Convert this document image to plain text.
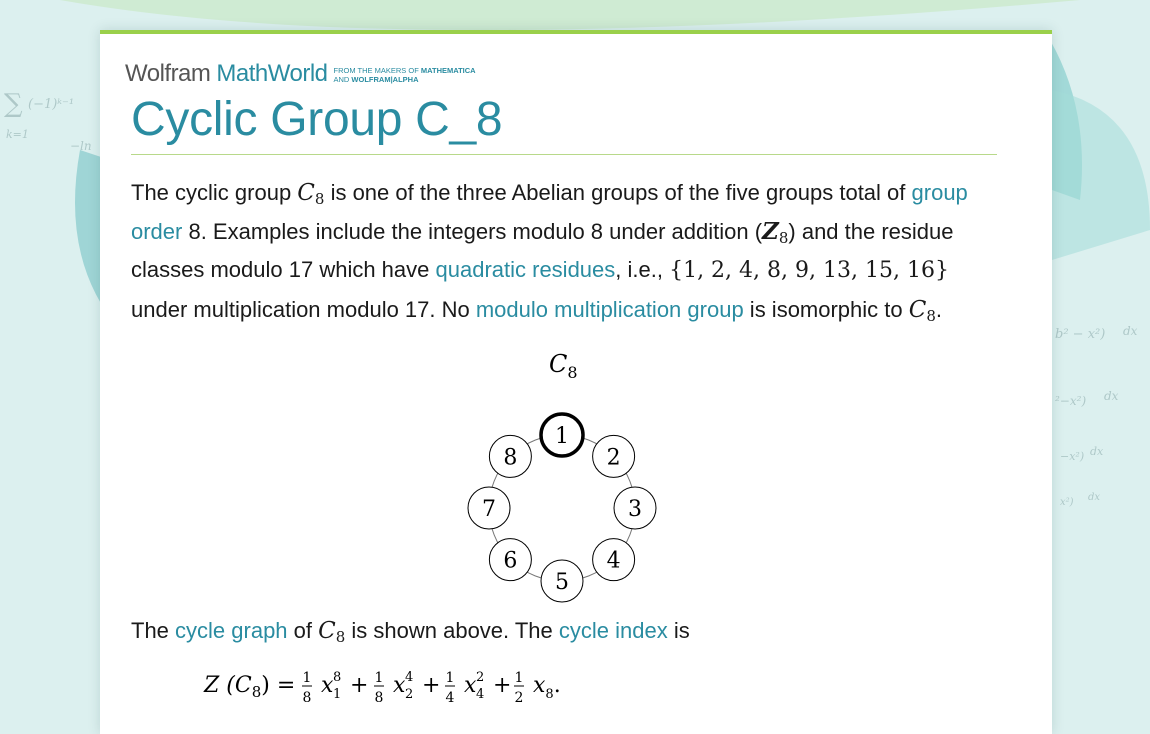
∑ (−1)ᵏ⁻¹
k=1
−ln
b² − x²) dx
²−x²) dx
−x²) dx
x²) dx
Wolfram MathWorld FROM THE MAKERS OF MATHEMATICA
AND WOLFRAM|ALPHA
Cyclic Group C_8

The cyclic group $C_8$ is one of the three Abelian groups of the five groups total of group order 8. Examples include the integers modulo 8 under addition $(Z_8)$ and the residue classes modulo 17 which have quadratic residues, i.e., {1, 2, 4, 8, 9, 13, 15, 16} under multiplication modulo 17. No modulo multiplication group is isomorphic to $C_8$.

$C_8$
1
2
3
4
5
6
7
8

The cycle graph of $C_8$ is shown above. The cycle index is

Z $(C_8) = 1$
8 x18 + 1
8 x24 + 1
4 x42 + 1
2 $x_8$.
